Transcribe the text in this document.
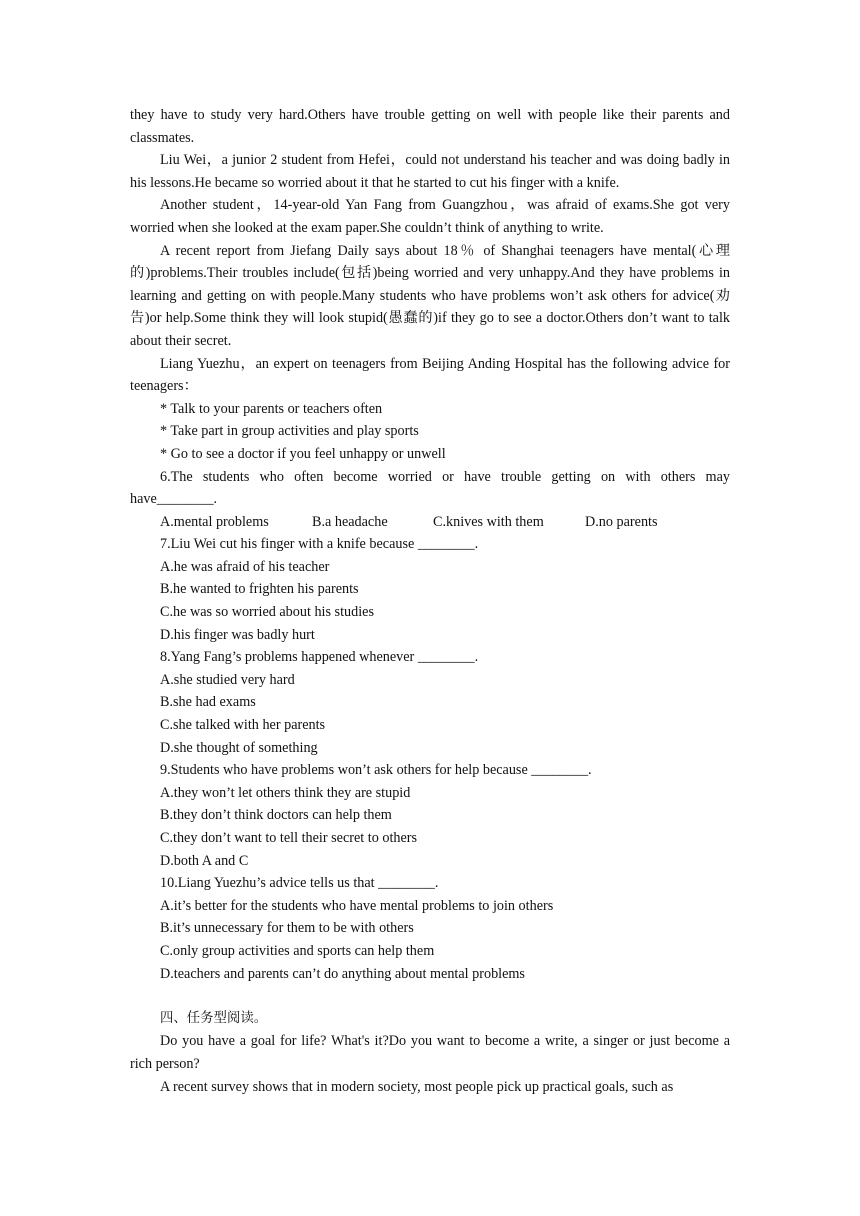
they have to study very hard.Others have trouble getting on well with people like their parents and classmates.

Liu Wei，a junior 2 student from Hefei，could not understand his teacher and was doing badly in his lessons.He became so worried about it that he started to cut his finger with a knife.

Another student，14-year-old Yan Fang from Guangzhou，was afraid of exams.She got very worried when she looked at the exam paper.She couldn’t think of anything to write.

A recent report from Jiefang Daily says about 18％ of Shanghai teenagers have mental(心理的)problems.Their troubles include(包括)being worried and very unhappy.And they have problems in learning and getting on with people.Many students who have problems won’t ask others for advice(劝告)or help.Some think they will look stupid(愚蠢的)if they go to see a doctor.Others don’t want to talk about their secret.

Liang Yuezhu，an expert on teenagers from Beijing Anding Hospital has the following advice for teenagers：

* Talk to your parents or teachers often

* Take part in group activities and play sports

* Go to see a doctor if you feel unhappy or unwell

6.The students who often become worried or have trouble getting on with others may have________.

A.mental problems	B.a headache	C.knives with them	D.no parents

7.Liu Wei cut his finger with a knife because ________.

A.he was afraid of his teacher

B.he wanted to frighten his parents

C.he was so worried about his studies

D.his finger was badly hurt

8.Yang Fang’s problems happened whenever ________.

A.she studied very hard

B.she had exams

C.she talked with her parents

D.she thought of something

9.Students who have problems won’t ask others for help because ________.

A.they won’t let others think they are stupid

B.they don’t think doctors can help them

C.they don’t want to tell their secret to others

D.both A and C

10.Liang Yuezhu’s advice tells us that ________.

A.it’s better for the students who have mental problems to join others

B.it’s unnecessary for them to be with others

C.only group activities and sports can help them

D.teachers and parents can’t do anything about mental problems

四、任务型阅读。

Do you have a goal for life? What's it?Do you want to become a write, a singer or just become a rich person?

A recent survey shows that in modern society, most people pick up practical goals, such as
